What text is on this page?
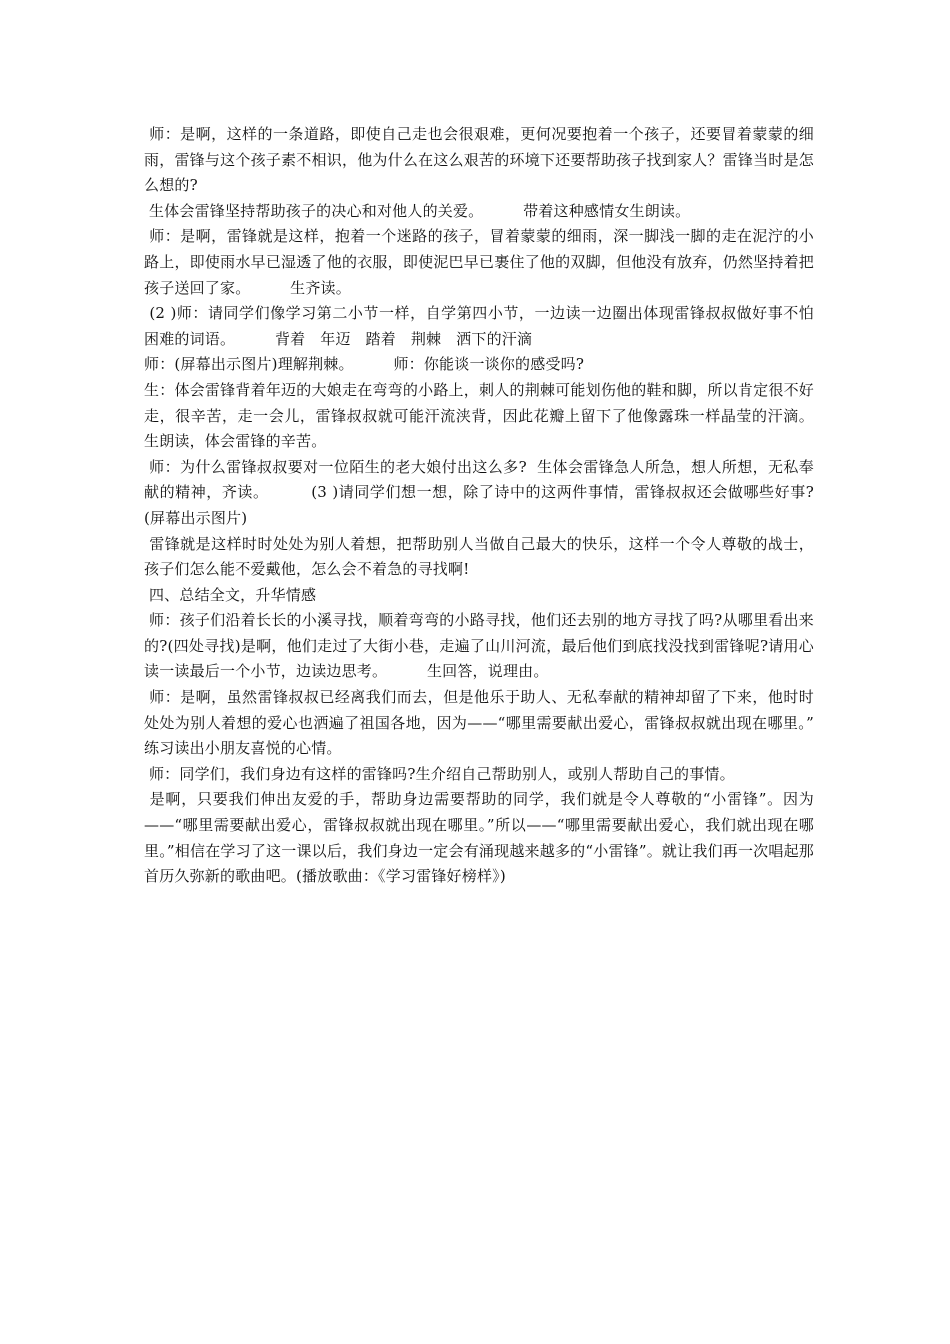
师：是啊，这样的一条道路，即使自己走也会很艰难，更何况要抱着一个孩子，还要冒着蒙蒙的细雨，雷锋与这个孩子素不相识，他为什么在这么艰苦的环境下还要帮助孩子找到家人？雷锋当时是怎么想的?

生体会雷锋坚持帮助孩子的决心和对他人的关爱。        带着这种感情女生朗读。

师：是啊，雷锋就是这样，抱着一个迷路的孩子，冒着蒙蒙的细雨，深一脚浅一脚的走在泥泞的小路上，即使雨水早已湿透了他的衣服，即使泥巴早已裹住了他的双脚，但他没有放弃，仍然坚持着把孩子送回了家。        生齐读。

(2 )师：请同学们像学习第二小节一样，自学第四小节，一边读一边圈出体现雷锋叔叔做好事不怕困难的词语。        背着   年迈   踏着   荆棘   洒下的汗滴

师：(屏幕出示图片)理解荆棘。        师：你能谈一谈你的感受吗?

生：体会雷锋背着年迈的大娘走在弯弯的小路上，刺人的荆棘可能划伤他的鞋和脚，所以肯定很不好走，很辛苦，走一会儿，雷锋叔叔就可能汗流浃背，因此花瓣上留下了他像露珠一样晶莹的汗滴。        生朗读，体会雷锋的辛苦。

师：为什么雷锋叔叔要对一位陌生的老大娘付出这么多?  生体会雷锋急人所急，想人所想，无私奉献的精神，齐读。        (3 )请同学们想一想，除了诗中的这两件事情，雷锋叔叔还会做哪些好事?(屏幕出示图片)

雷锋就是这样时时处处为别人着想，把帮助别人当做自己最大的快乐，这样一个令人尊敬的战士，孩子们怎么能不爱戴他，怎么会不着急的寻找啊!

四、总结全文，升华情感

师：孩子们沿着长长的小溪寻找，顺着弯弯的小路寻找，他们还去别的地方寻找了吗?从哪里看出来的?(四处寻找)是啊，他们走过了大街小巷，走遍了山川河流，最后他们到底找没找到雷锋呢?请用心读一读最后一个小节，边读边思考。        生回答，说理由。

师：是啊，虽然雷锋叔叔已经离我们而去，但是他乐于助人、无私奉献的精神却留了下来，他时时处处为别人着想的爱心也洒遍了祖国各地，因为——“哪里需要献出爱心，雷锋叔叔就出现在哪里。”        练习读出小朋友喜悦的心情。

师：同学们，我们身边有这样的雷锋吗?生介绍自己帮助别人，或别人帮助自己的事情。

是啊，只要我们伸出友爱的手，帮助身边需要帮助的同学，我们就是令人尊敬的“小雷锋”。因为——“哪里需要献出爱心，雷锋叔叔就出现在哪里。”所以——“哪里需要献出爱心，我们就出现在哪里。”相信在学习了这一课以后，我们身边一定会有涌现越来越多的“小雷锋”。就让我们再一次唱起那首历久弥新的歌曲吧。(播放歌曲：《学习雷锋好榜样》)
